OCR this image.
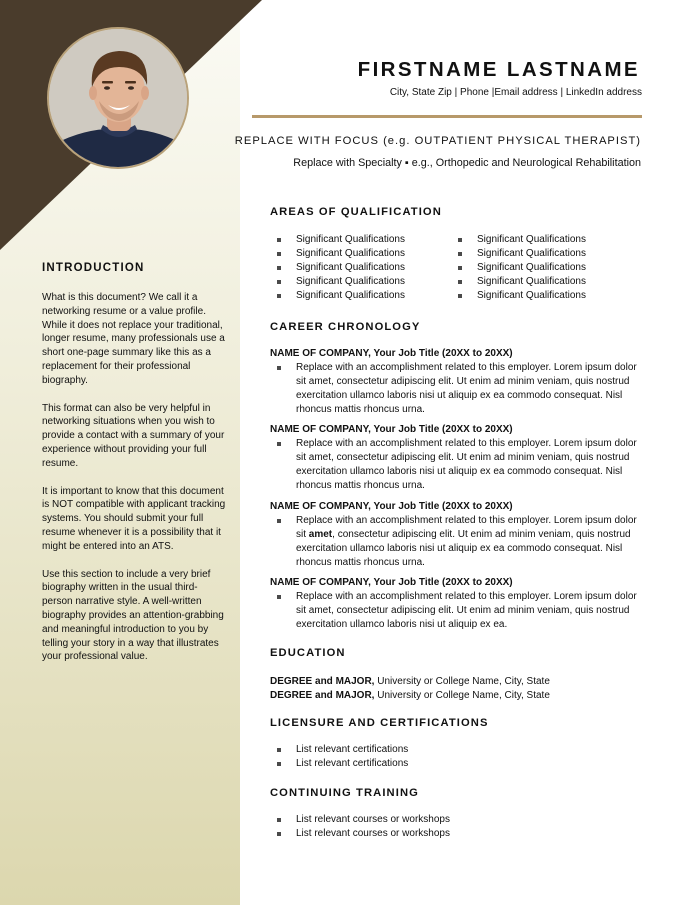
INTRODUCTION

What is this document? We call it a networking resume or a value profile. While it does not replace your traditional, longer resume, many professionals use a short one-page summary like this as a replacement for their professional biography.

This format can also be very helpful in networking situations when you wish to provide a contact with a summary of your experience without providing your full resume.

It is important to know that this document is NOT compatible with applicant tracking systems. You should submit your full resume whenever it is a possibility that it might be entered into an ATS.

Use this section to include a very brief biography written in the usual third-person narrative style. A well-written biography provides an attention-grabbing and meaningful introduction to you by telling your story in a way that illustrates your professional value.

FIRSTNAME LASTNAME
City, State Zip | Phone |Email address | LinkedIn address
REPLACE WITH FOCUS (e.g. OUTPATIENT PHYSICAL THERAPIST)
Replace with Specialty ▪ e.g., Orthopedic and Neurological Rehabilitation
AREAS OF QUALIFICATION
Significant Qualifications
Significant Qualifications
Significant Qualifications
Significant Qualifications
Significant Qualifications
Significant Qualifications
Significant Qualifications
Significant Qualifications
Significant Qualifications
Significant Qualifications
CAREER CHRONOLOGY
NAME OF COMPANY, Your Job Title (20XX to 20XX)
Replace with an accomplishment related to this employer. Lorem ipsum dolor sit amet, consectetur adipiscing elit. Ut enim ad minim veniam, quis nostrud exercitation ullamco laboris nisi ut aliquip ex ea commodo consequat. Nisl rhoncus mattis rhoncus urna.
NAME OF COMPANY, Your Job Title (20XX to 20XX)
Replace with an accomplishment related to this employer. Lorem ipsum dolor sit amet, consectetur adipiscing elit. Ut enim ad minim veniam, quis nostrud exercitation ullamco laboris nisi ut aliquip ex ea commodo consequat. Nisl rhoncus mattis rhoncus urna.
NAME OF COMPANY, Your Job Title (20XX to 20XX)
Replace with an accomplishment related to this employer. Lorem ipsum dolor sit amet, consectetur adipiscing elit. Ut enim ad minim veniam, quis nostrud exercitation ullamco laboris nisi ut aliquip ex ea commodo consequat. Nisl rhoncus mattis rhoncus urna.
NAME OF COMPANY, Your Job Title (20XX to 20XX)
Replace with an accomplishment related to this employer. Lorem ipsum dolor sit amet, consectetur adipiscing elit. Ut enim ad minim veniam, quis nostrud exercitation ullamco laboris nisi ut aliquip ex ea.
EDUCATION
DEGREE and MAJOR, University or College Name, City, State
DEGREE and MAJOR, University or College Name, City, State
LICENSURE AND CERTIFICATIONS
List relevant certifications
List relevant certifications
CONTINUING TRAINING
List relevant courses or workshops
List relevant courses or workshops
